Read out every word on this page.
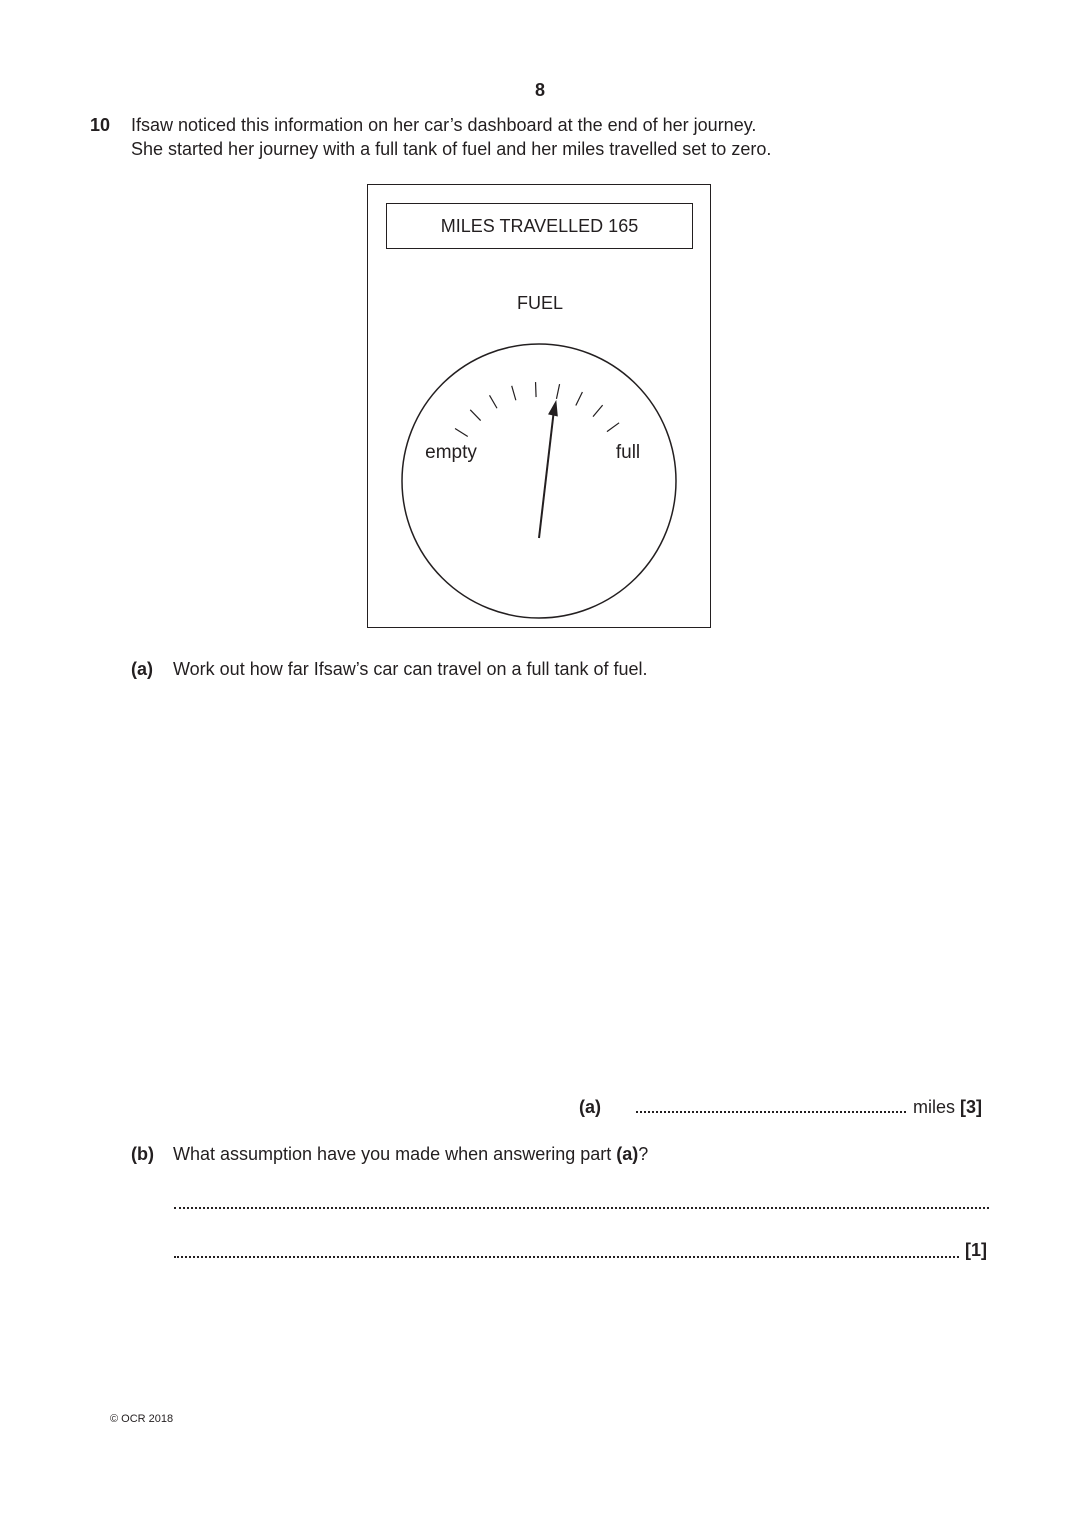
8
10 Ifsaw noticed this information on her car’s dashboard at the end of her journey.
She started her journey with a full tank of fuel and her miles travelled set to zero.
MILES TRAVELLED 165
FUEL
empty	full
(a) Work out how far Ifsaw’s car can travel on a full tank of fuel.
(a)	miles [3]
(b) What assumption have you made when answering part (a)?
[1]
© OCR 2018
